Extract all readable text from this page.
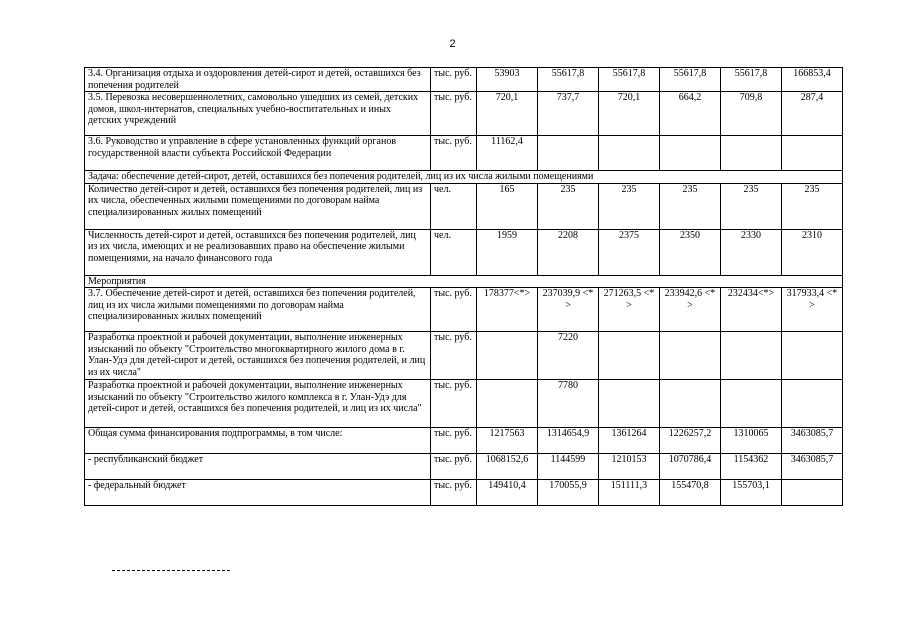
2
3.4. Организация отдыха и оздоровления детей-сирот и детей, оставшихся без попечения родителей	тыс. руб.	53903	55617,8	55617,8	55617,8	55617,8	166853,4
3.5. Перевозка несовершеннолетних, самовольно ушедших из семей, детских домов, школ-интернатов, специальных учебно-воспитательных и иных детских учреждений	тыс. руб.	720,1	737,7	720,1	664,2	709,8	287,4
3.6. Руководство и управление в сфере установленных функций органов государственной власти субъекта Российской Федерации	тыс. руб.	11162,4					
Задача: обеспечение детей-сирот, детей, оставшихся без попечения родителей, лиц из их числа жилыми помещениями							
Количество детей-сирот и детей, оставшихся без попечения родителей, лиц из их числа, обеспеченных жилыми помещениями по договорам найма специализированных жилых помещений	чел.	165	235	235	235	235	235
Численность детей-сирот и детей, оставшихся без попечения родителей, лиц из их числа, имеющих и не реализовавших право на обеспечение жилыми помещениями, на начало финансового года	чел.	1959	2208	2375	2350	2330	2310
Мероприятия							
3.7. Обеспечение детей-сирот и детей, оставшихся без попечения родителей, лиц из их числа жилыми помещениями по договорам найма специализированных жилых помещений	тыс. руб.	178377<*>	237039,9 <*>	271263,5 <*>	233942,6 <*>	232434<*>	317933,4 <*>
Разработка проектной и рабочей документации, выполнение инженерных изысканий по объекту "Строительство многоквартирного жилого дома в г. Улан-Удэ для детей-сирот и детей, оставшихся без попечения родителей, и лиц из их числа"	тыс. руб.		7220				
Разработка проектной и рабочей документации, выполнение инженерных изысканий по объекту "Строительство жилого комплекса в г. Улан-Удэ для детей-сирот и детей, оставшихся без попечения родителей, и лиц из их числа"	тыс. руб.		7780				
Общая сумма финансирования подпрограммы, в том числе:	тыс. руб.	1217563	1314654,9	1361264	1226257,2	1310065	3463085,7
- республиканский бюджет	тыс. руб.	1068152,6	1144599	1210153	1070786,4	1154362	3463085,7
- федеральный бюджет	тыс. руб.	149410,4	170055,9	151111,3	155470,8	155703,1	
